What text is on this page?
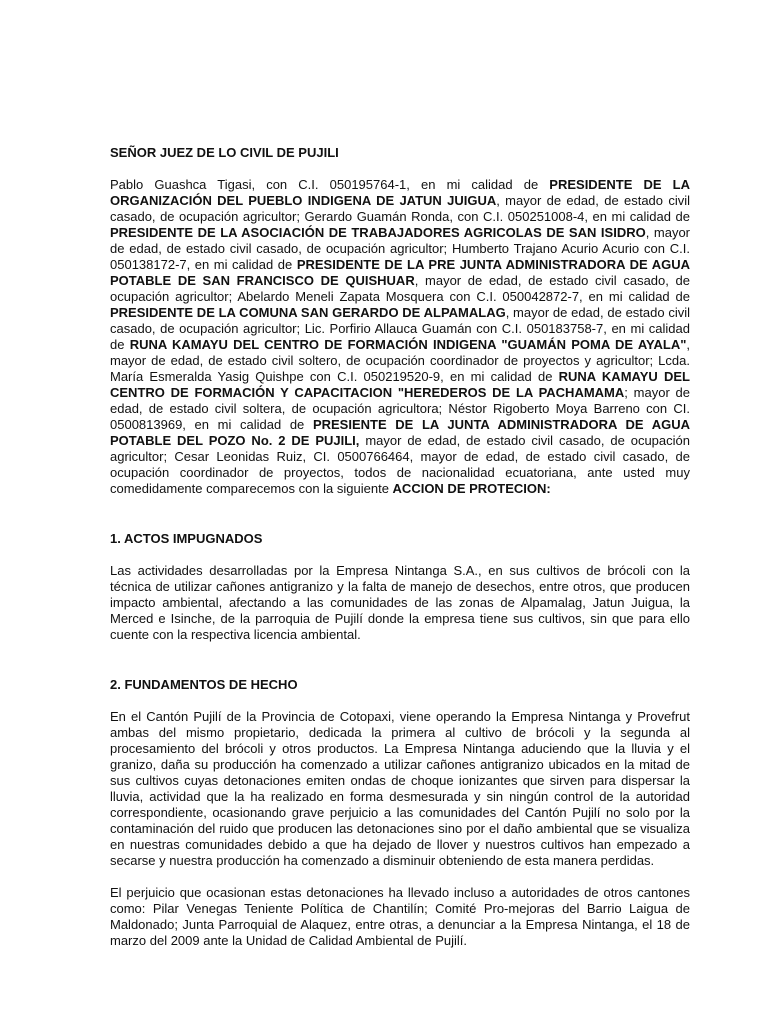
SEÑOR JUEZ DE LO CIVIL DE PUJILI

Pablo Guashca Tigasi, con C.I. 050195764-1, en mi calidad de PRESIDENTE DE LA ORGANIZACIÓN DEL PUEBLO INDIGENA DE JATUN JUIGUA, mayor de edad, de estado civil casado, de ocupación agricultor; Gerardo Guamán Ronda, con C.I. 050251008-4, en mi calidad de PRESIDENTE DE LA ASOCIACIÓN DE TRABAJADORES AGRICOLAS DE SAN ISIDRO, mayor de edad, de estado civil casado, de ocupación agricultor; Humberto Trajano Acurio Acurio con C.I. 050138172-7, en mi calidad de PRESIDENTE DE LA PRE JUNTA ADMINISTRADORA DE AGUA POTABLE DE SAN FRANCISCO DE QUISHUAR, mayor de edad, de estado civil casado, de ocupación agricultor; Abelardo Meneli Zapata Mosquera con C.I. 050042872-7, en mi calidad de PRESIDENTE DE LA COMUNA SAN GERARDO DE ALPAMALAG, mayor de edad, de estado civil casado, de ocupación agricultor; Lic. Porfirio Allauca Guamán con C.I. 050183758-7, en mi calidad de RUNA KAMAYU DEL CENTRO DE FORMACIÓN INDIGENA "GUAMÁN POMA DE AYALA", mayor de edad, de estado civil soltero, de ocupación coordinador de proyectos y agricultor; Lcda. María Esmeralda Yasig Quishpe con C.I. 050219520-9, en mi calidad de RUNA KAMAYU DEL CENTRO DE FORMACIÓN Y CAPACITACION "HEREDEROS DE LA PACHAMAMA; mayor de edad, de estado civil soltera, de ocupación agricultora; Néstor Rigoberto Moya Barreno con CI. 0500813969, en mi calidad de PRESIENTE DE LA JUNTA ADMINISTRADORA DE AGUA POTABLE DEL POZO No. 2 DE PUJILI, mayor de edad, de estado civil casado, de ocupación agricultor; Cesar Leonidas Ruiz, CI. 0500766464, mayor de edad, de estado civil casado, de ocupación coordinador de proyectos, todos de nacionalidad ecuatoriana, ante usted muy comedidamente comparecemos con la siguiente ACCION DE PROTECION:

1. ACTOS IMPUGNADOS

Las actividades desarrolladas por la Empresa Nintanga S.A., en sus cultivos de brócoli con la técnica de utilizar cañones antigranizo y la falta de manejo de desechos, entre otros, que producen impacto ambiental, afectando a las comunidades de las zonas de Alpamalag, Jatun Juigua, la Merced e Isinche, de la parroquia de Pujilí donde la empresa tiene sus cultivos, sin que para ello cuente con la respectiva licencia ambiental.

2. FUNDAMENTOS DE HECHO

En el Cantón Pujilí de la Provincia de Cotopaxi, viene operando la Empresa Nintanga y Provefrut ambas del mismo propietario, dedicada la primera al cultivo de brócoli y la segunda al procesamiento del brócoli y otros productos. La Empresa Nintanga aduciendo que la lluvia y el granizo, daña su producción ha comenzado a utilizar cañones antigranizo ubicados en la mitad de sus cultivos cuyas detonaciones emiten ondas de choque ionizantes que sirven para dispersar la lluvia, actividad que la ha realizado en forma desmesurada y sin ningún control de la autoridad correspondiente, ocasionando grave perjuicio a las comunidades del Cantón Pujilí no solo por la contaminación del ruido que producen las detonaciones sino por el daño ambiental que se visualiza en nuestras comunidades debido a que ha dejado de llover y nuestros cultivos han empezado a secarse y nuestra producción ha comenzado a disminuir obteniendo de esta manera perdidas.

El perjuicio que ocasionan estas detonaciones ha llevado incluso a autoridades de otros cantones como: Pilar Venegas Teniente Política de Chantilín; Comité Pro-mejoras del Barrio Laigua de Maldonado; Junta Parroquial de Alaquez, entre otras, a denunciar a la Empresa Nintanga, el 18 de marzo del 2009 ante la Unidad de Calidad Ambiental de Pujilí.
